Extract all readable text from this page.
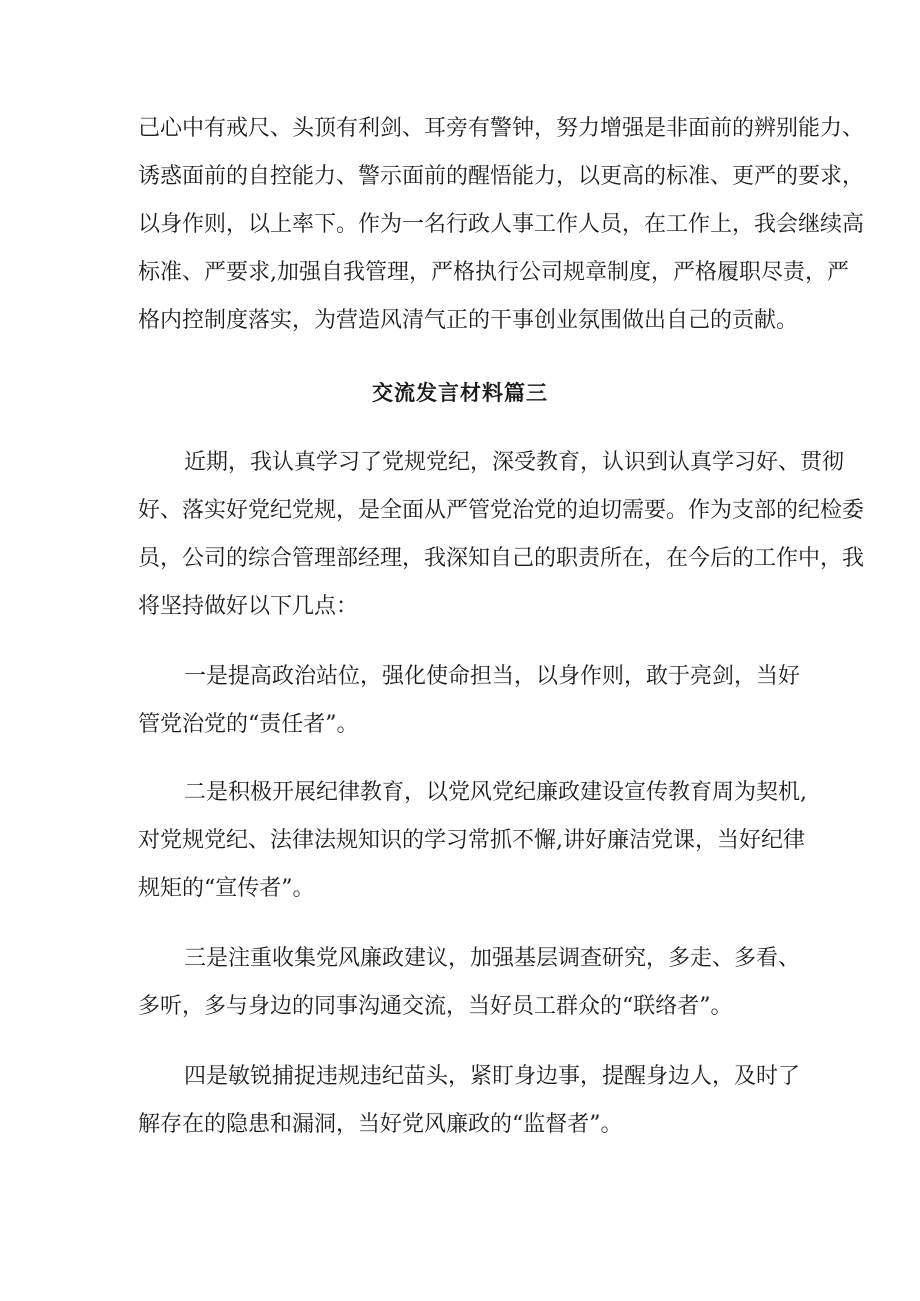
己心中有戒尺、头顶有利剑、耳旁有警钟，努力增强是非面前的辨别能力、
诱惑面前的自控能力、警示面前的醒悟能力，以更高的标准、更严的要求，
以身作则，以上率下。作为一名行政人事工作人员，在工作上，我会继续高
标准、严要求,加强自我管理，严格执行公司规章制度，严格履职尽责，严
格内控制度落实，为营造风清气正的干事创业氛围做出自己的贡献。
交流发言材料篇三
近期，我认真学习了党规党纪，深受教育，认识到认真学习好、贯彻
好、落实好党纪党规，是全面从严管党治党的迫切需要。作为支部的纪检委
员，公司的综合管理部经理，我深知自己的职责所在，在今后的工作中，我
将坚持做好以下几点：
一是提高政治站位，强化使命担当，以身作则，敢于亮剑，当好
管党治党的“责任者”。
二是积极开展纪律教育，以党风党纪廉政建设宣传教育周为契机,
对党规党纪、法律法规知识的学习常抓不懈,讲好廉洁党课，当好纪律
规矩的“宣传者”。
三是注重收集党风廉政建议，加强基层调查研究，多走、多看、
多听，多与身边的同事沟通交流，当好员工群众的“联络者”。
四是敏锐捕捉违规违纪苗头，紧盯身边事，提醒身边人，及时了
解存在的隐患和漏洞，当好党风廉政的“监督者”。
